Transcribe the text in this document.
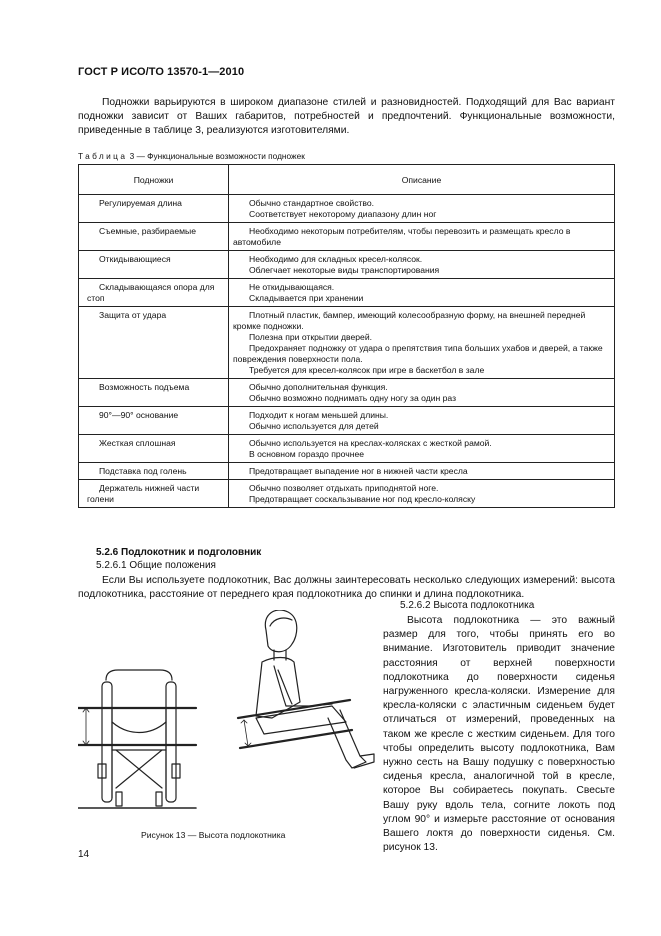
ГОСТ Р ИСО/ТО 13570-1—2010

Подножки варьируются в широком диапазоне стилей и разновидностей. Подходящий для Вас вариант подножки зависит от Ваших габаритов, потребностей и предпочтений. Функциональные возможности, приведенные в таблице 3, реализуются изготовителями.

Таблица 3 — Функциональные возможности подножек
Подножки	Описание

Регулируемая длина	Обычно стандартное свойство.
Соответствует некоторому диапазону длин ног

Съемные, разбираемые	Необходимо некоторым потребителям, чтобы перевозить и размещать кресло в автомобиле

Откидывающиеся	Необходимо для складных кресел-колясок.
Облегчает некоторые виды транспортирования

Складывающаяся опора для стоп	Не откидывающаяся.
Складывается при хранении

Защита от удара	Плотный пластик, бампер, имеющий колесообразную форму, на внешней передней кромке подножки.
Полезна при открытии дверей.
Предохраняет подножку от удара о препятствия типа больших ухабов и дверей, а также повреждения поверхности пола.
Требуется для кресел-колясок при игре в баскетбол в зале

Возможность подъема	Обычно дополнительная функция.
Обычно возможно поднимать одну ногу за один раз

90°—90° основание	Подходит к ногам меньшей длины.
Обычно используется для детей

Жесткая сплошная	Обычно используется на креслах-колясках с жесткой рамой.
В основном гораздо прочнее

Подставка под голень	Предотвращает выпадение ног в нижней части кресла

Держатель нижней части голени	Обычно позволяет отдыхать приподнятой ноге.
Предотвращает соскальзывание ног под кресло-коляску
5.2.6 Подлокотник и подголовник
5.2.6.1 Общие положения

Если Вы используете подлокотник, Вас должны заинтересовать несколько следующих измерений: высота подлокотника, расстояние от переднего края подлокотника до спинки и длина подлокотника.

5.2.6.2 Высота подлокотника

Высота подлокотника — это важный размер для того, чтобы принять его во внимание. Изготовитель приводит значение расстояния от верхней поверхности подлокотника до поверхности сиденья нагруженного кресла-коляски. Измерение для кресла-коляски с эластичным сиденьем будет отличаться от измерений, проведенных на таком же кресле с жестким сиденьем. Для того чтобы определить высоту подлокотника, Вам нужно сесть на Вашу подушку с поверхностью сиденья кресла, аналогичной той в кресле, которое Вы собираетесь покупать. Свесьте Вашу руку вдоль тела, согните локоть под углом 90° и измерьте расстояние от основания Вашего локтя до поверхности сиденья. См. рисунок 13.

Рисунок 13 — Высота подлокотника
14
